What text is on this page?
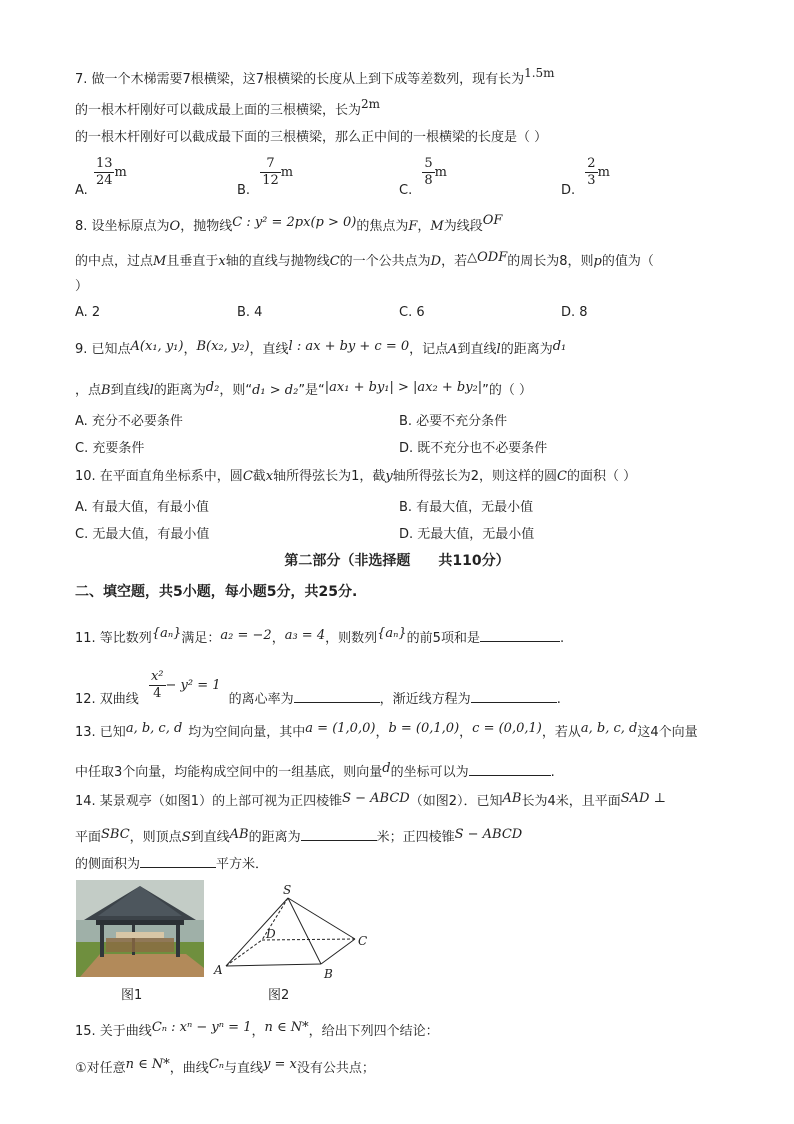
7. 做一个木梯需要7根横梁，这7根横梁的长度从上到下成等差数列，现有长为1.5m
的一根木杆刚好可以截成最上面的三根横梁，长为2m
的一根木杆刚好可以截成最下面的三根横梁，那么正中间的一根横梁的长度是（ ）
A.
$\frac{13}{24}$ m
B.
$\frac{7}{12}$ m
C.
$\frac{5}{8}$ m
D.
$\frac{2}{3}$ m
8. 设坐标原点为O，抛物线C : y² = 2px(p > 0)的焦点为F，M为线段OF
的中点，过点M且垂直于x轴的直线与抛物线C的一个公共点为D，若△ODF的周长为8，则p的值为（
）
A. 2	B. 4	C. 6	D. 8
9. 已知点A(x₁, y₁)，B(x₂, y₂)，直线l : ax + by + c = 0，记点A到直线l的距离为d₁
，点B到直线l的距离为d₂，则“d₁ > d₂”是“|ax₁ + by₁| > |ax₂ + by₂|”的（ ）
A. 充分不必要条件	B. 必要不充分条件
C. 充要条件	D. 既不充分也不必要条件
10. 在平面直角坐标系中，圆C截x轴所得弦长为1，截y轴所得弦长为2，则这样的圆C的面积（ ）
A. 有最大值，有最小值	B. 有最大值，无最小值
C. 无最大值，有最小值	D. 无最大值，无最小值
第二部分（非选择题　　共110分）
二、填空题，共5小题，每小题5分，共25分.
11. 等比数列{aₙ}满足：a₂ = −2，a₃ = 4，则数列{aₙ}的前5项和是	.
12. 双曲线 $\frac{\text{x²}}{4} - y^2 = 1$ 的离心率为	，渐近线方程为	.
13. 已知a, b, c, d 均为空间向量，其中a = (1,0,0)，b = (0,1,0)，c = (0,0,1)，若从a, b, c, d这4个向量
中任取3个向量，均能构成空间中的一组基底，则向量d的坐标可以为	.
14. 某景观亭（如图1）的上部可视为正四棱锥S − ABCD（如图2）．已知AB长为4米，且平面SAD ⊥
平面SBC，则顶点S到直线AB的距离为	米；正四棱锥S − ABCD
的侧面积为	平方米．
图1
S
A	B
C
D
图2
15. 关于曲线Cₙ : xⁿ − yⁿ = 1，n ∈ N*，给出下列四个结论：
①对任意n ∈ N*，曲线Cₙ与直线y = x没有公共点；
